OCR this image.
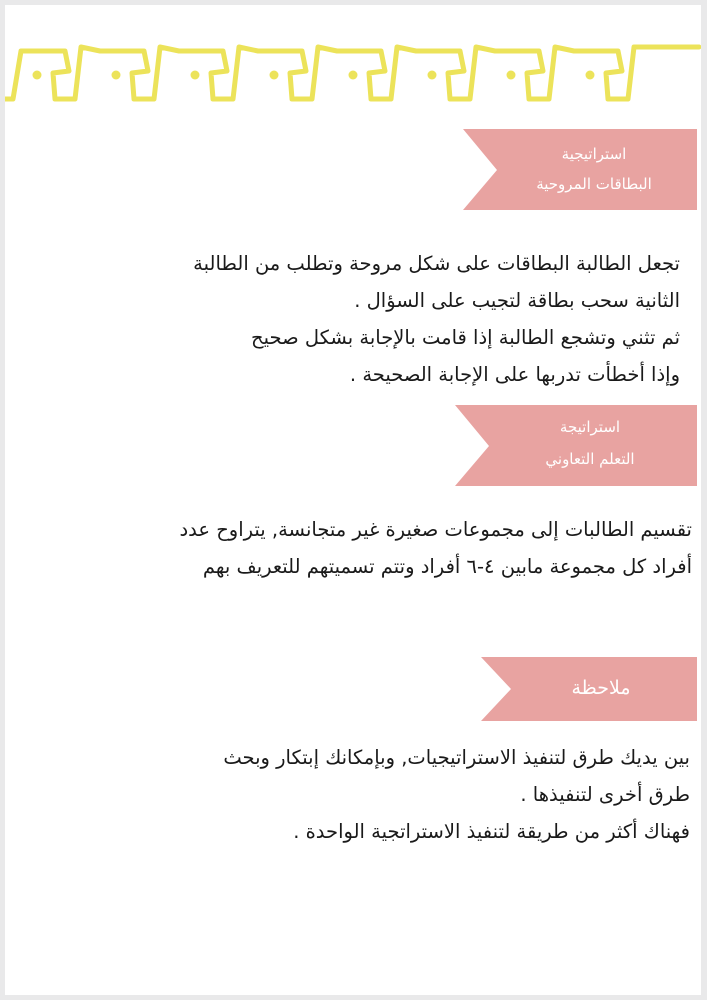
استراتيجية
البطاقات المروحية
تجعل الطالبة البطاقات على شكل مروحة وتطلب من الطالبة
الثانية سحب بطاقة لتجيب على السؤال .
ثم تثني وتشجع الطالبة إذا قامت بالإجابة بشكل صحيح
وإذا أخطأت تدربها على الإجابة الصحيحة .
استراتيجة
التعلم التعاوني
تقسيم الطالبات إلى مجموعات صغيرة غير متجانسة, يتراوح عدد
أفراد كل مجموعة مابين ٤-٦ أفراد وتتم تسميتهم للتعريف بهم
ملاحظة
بين يديك طرق لتنفيذ الاستراتيجيات, وبإمكانك إبتكار وبحث
طرق أخرى لتنفيذها .
فهناك أكثر من طريقة لتنفيذ الاستراتجية الواحدة .
